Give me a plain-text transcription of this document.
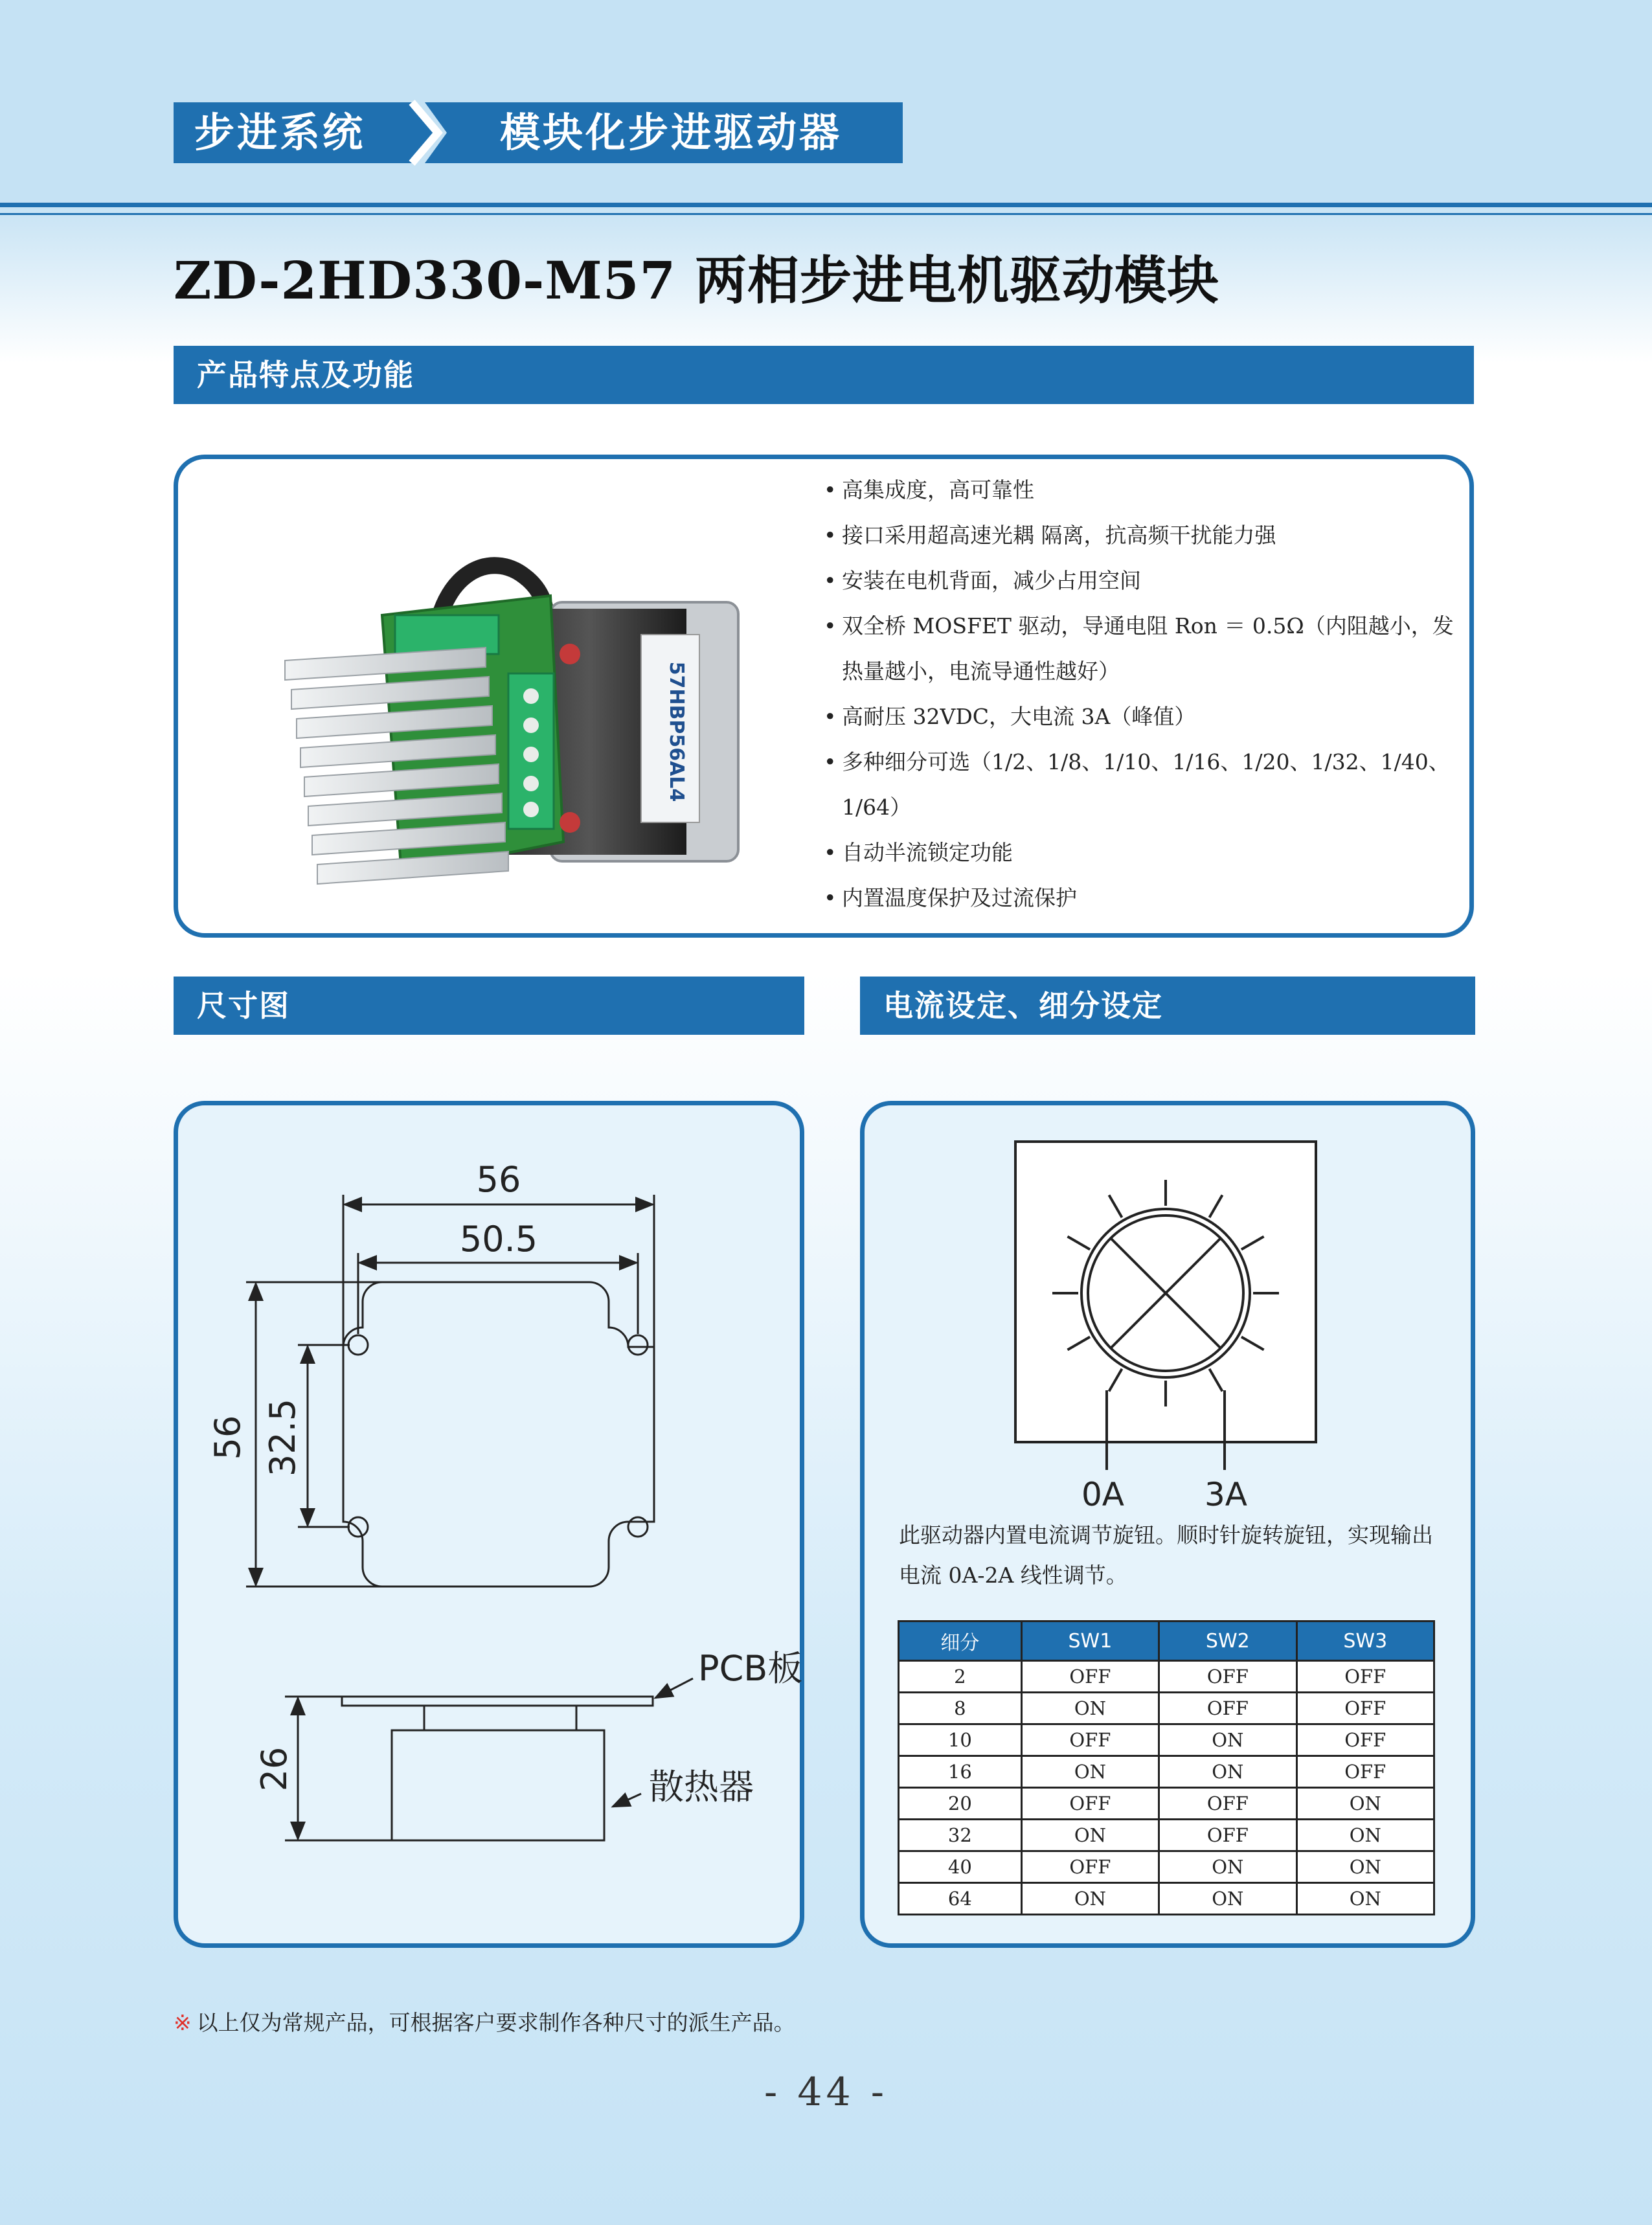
步进系统	模块化步进驱动器
ZD-2HD330-M57 两相步进电机驱动模块
产品特点及功能
57HBP56AL4
• 高集成度，高可靠性
• 接口采用超高速光耦 隔离，抗高频干扰能力强
• 安装在电机背面，减少占用空间
• 双全桥 MOSFET 驱动，导通电阻 Ron ＝ 0.5Ω（内阻越小，发热量越小，电流导通性越好）
• 高耐压 32VDC，大电流 3A（峰值）
• 多种细分可选（1/2、1/8、1/10、1/16、1/20、1/32、1/40、1/64）
• 自动半流锁定功能
• 内置温度保护及过流保护
尺寸图
56
50.5
56 32.5
26
PCB板
散热器
电流设定、细分设定
0A 3A
此驱动器内置电流调节旋钮。顺时针旋转旋钮，实现输出电流 0A-2A 线性调节。
细分	SW1	SW2	SW3
2	OFF	OFF	OFF
8	ON	OFF	OFF
10	OFF	ON	OFF
16	ON	ON	OFF
20	OFF	OFF	ON
32	ON	OFF	ON
40	OFF	ON	ON
64	ON	ON	ON
※ 以上仅为常规产品，可根据客户要求制作各种尺寸的派生产品。
- 44 -
